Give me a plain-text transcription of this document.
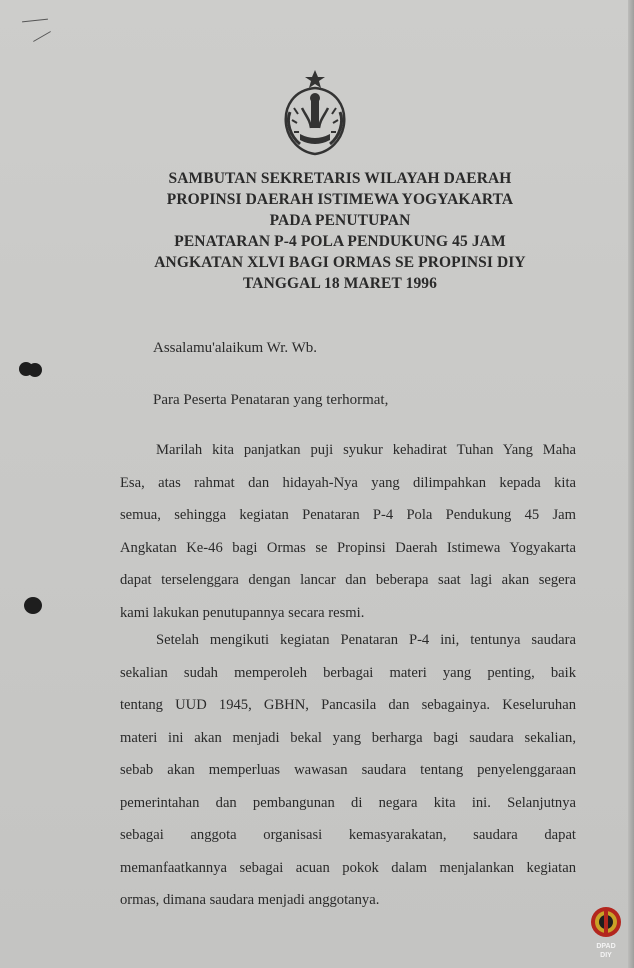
SAMBUTAN SEKRETARIS WILAYAH DAERAH
PROPINSI DAERAH ISTIMEWA YOGYAKARTA
PADA PENUTUPAN
PENATARAN P-4 POLA PENDUKUNG 45 JAM
ANGKATAN XLVI BAGI ORMAS SE PROPINSI DIY
TANGGAL 18 MARET 1996
Assalamu'alaikum Wr. Wb.
Para Peserta Penataran yang terhormat,
Marilah kita panjatkan puji syukur kehadirat Tuhan Yang Maha
Esa, atas rahmat dan hidayah-Nya yang dilimpahkan kepada kita
semua, sehingga kegiatan Penataran P-4 Pola Pendukung 45 Jam
Angkatan Ke-46 bagi Ormas se Propinsi Daerah Istimewa Yogyakarta
dapat terselenggara dengan lancar dan beberapa saat lagi akan segera
kami lakukan penutupannya secara resmi.
Setelah mengikuti kegiatan Penataran P-4 ini, tentunya saudara
sekalian sudah memperoleh berbagai materi yang penting, baik
tentang UUD 1945, GBHN, Pancasila dan sebagainya. Keseluruhan
materi ini akan menjadi bekal yang berharga bagi saudara sekalian,
sebab akan memperluas wawasan saudara tentang penyelenggaraan
pemerintahan dan pembangunan di negara kita ini. Selanjutnya
sebagai anggota organisasi kemasyarakatan, saudara dapat
memanfaatkannya sebagai acuan pokok dalam menjalankan kegiatan
ormas, dimana saudara menjadi anggotanya.
DPAD
DIY
